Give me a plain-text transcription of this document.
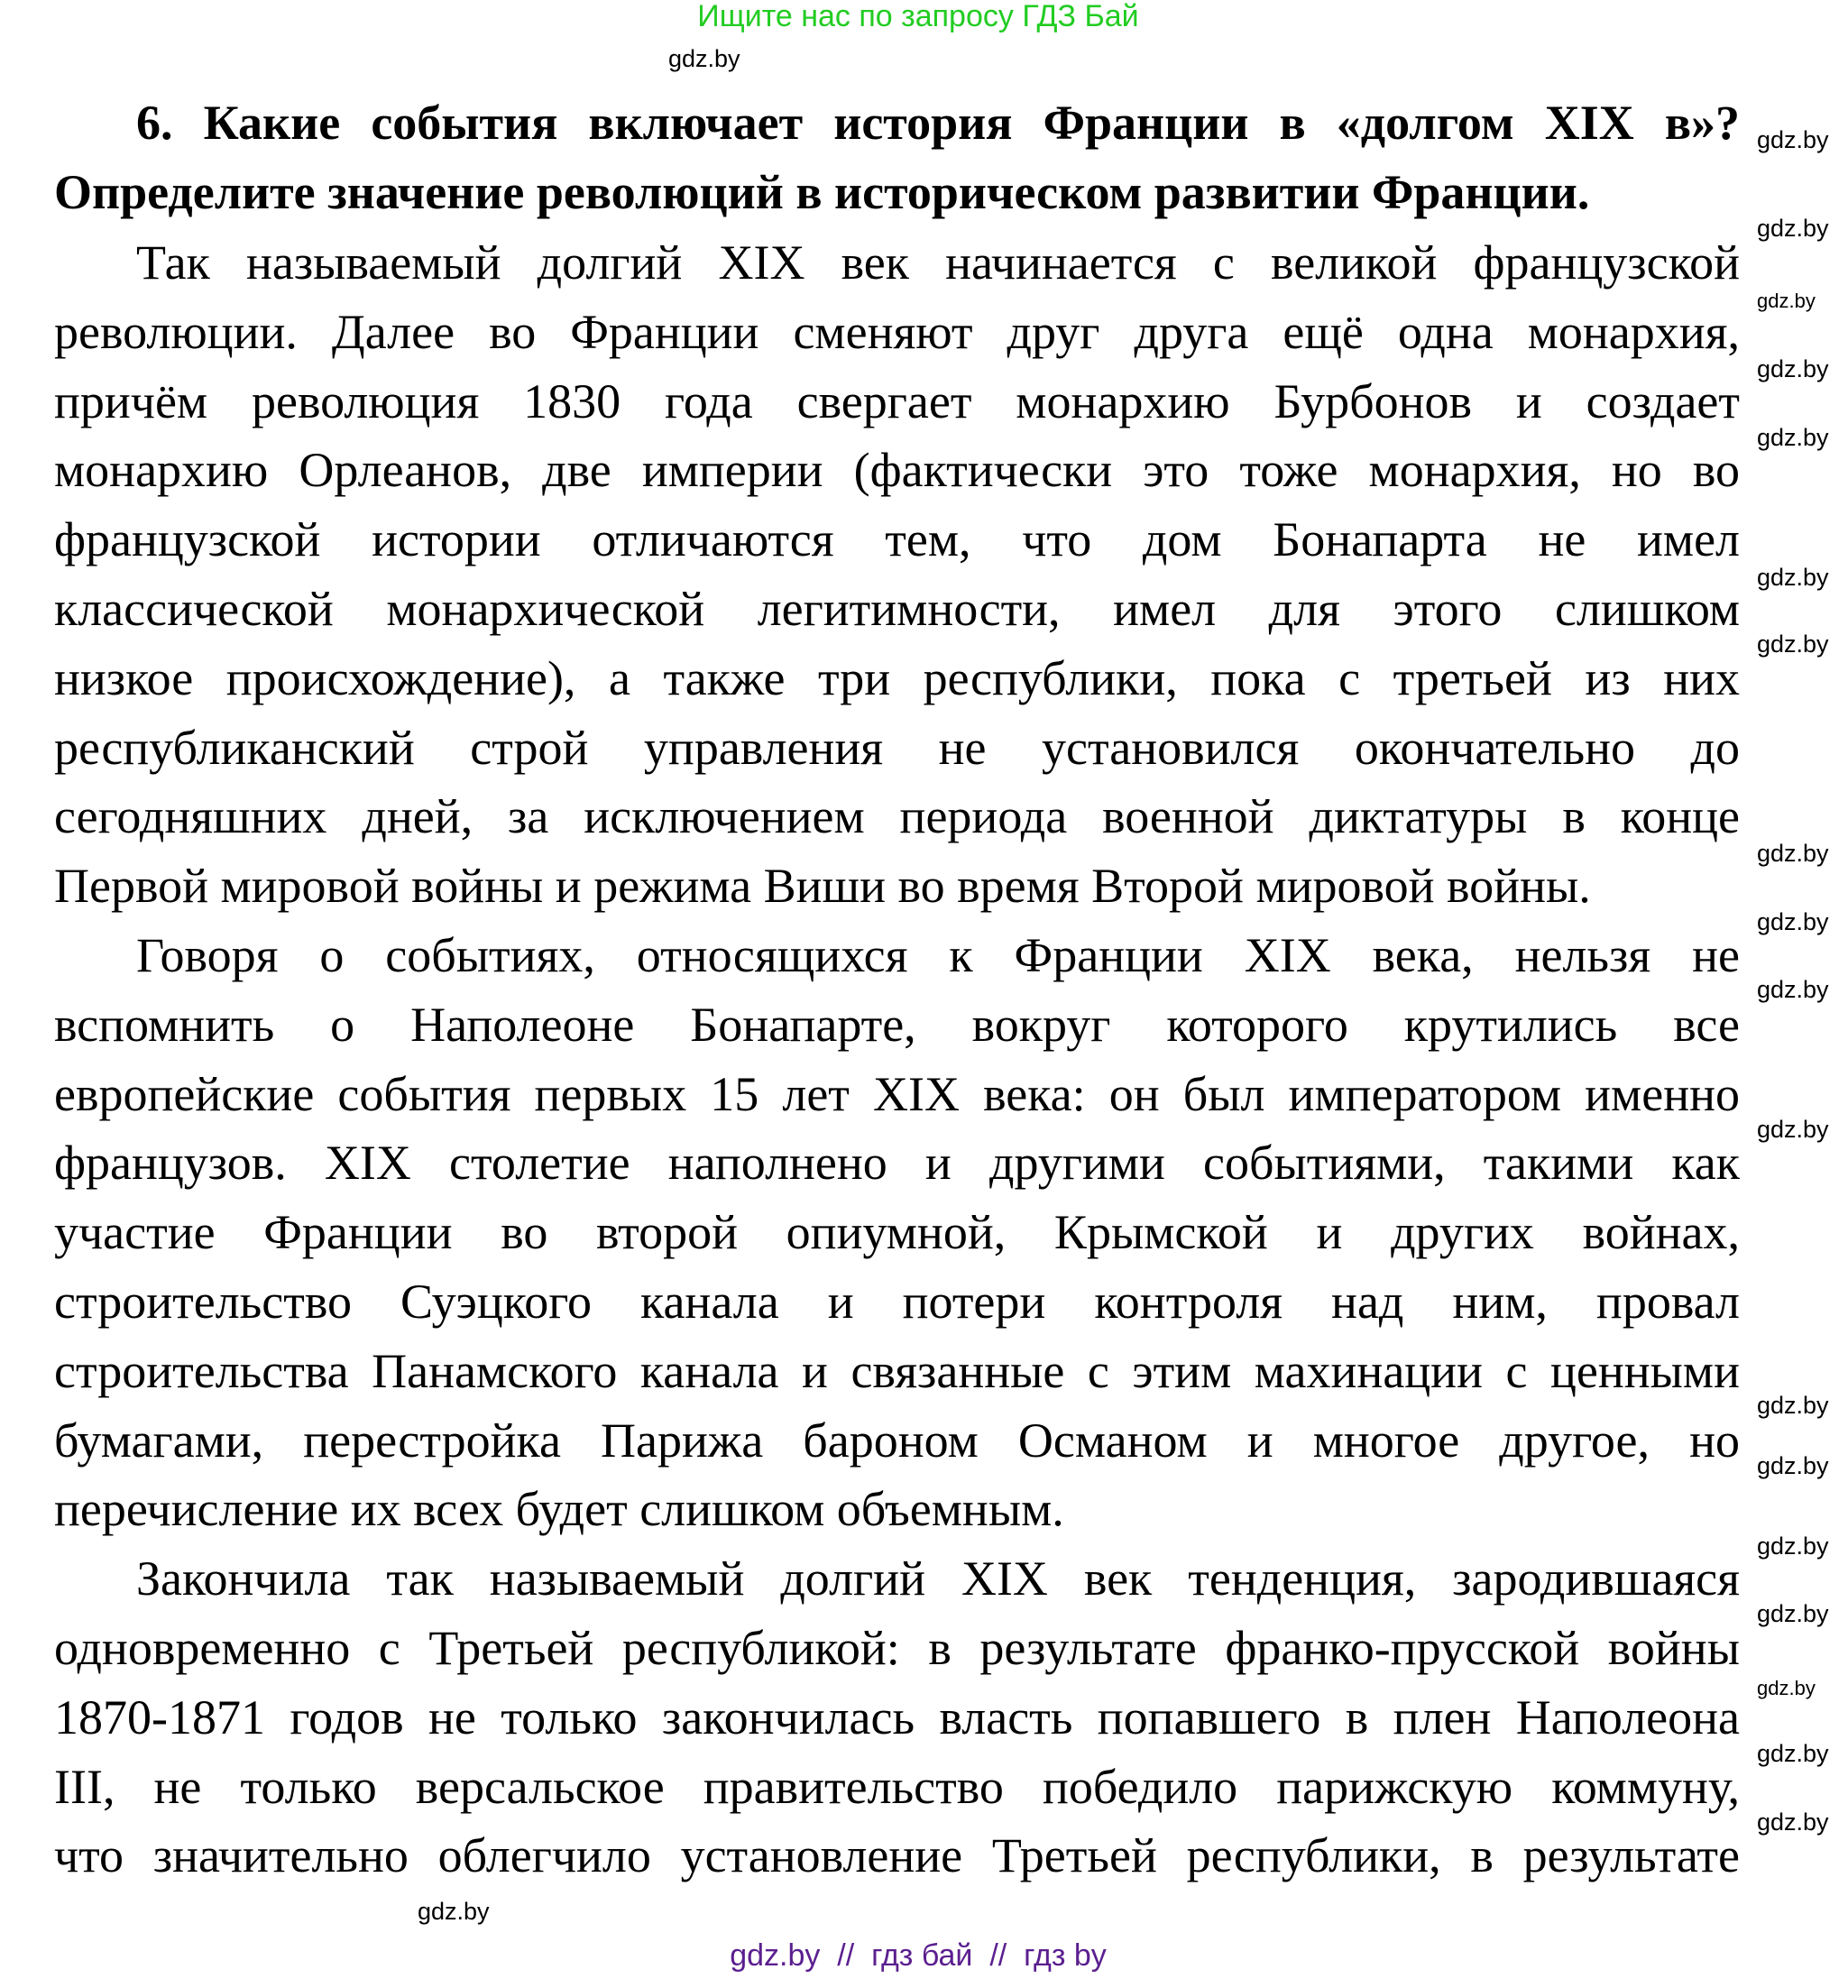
Ищите нас по запросу ГДЗ Бай
6. Какие события включает история Франции в «долгом XIX в»?
Определите значение революций в историческом развитии Франции.
Так называемый долгий XIX век начинается с великой французской
революции. Далее во Франции сменяют друг друга ещё одна монархия,
причём революция 1830 года свергает монархию Бурбонов и создает
монархию Орлеанов, две империи (фактически это тоже монархия, но во
французской истории отличаются тем, что дом Бонапарта не имел
классической монархической легитимности, имел для этого слишком
низкое происхождение), а также три республики, пока с третьей из них
республиканский строй управления не установился окончательно до
сегодняшних дней, за исключением периода военной диктатуры в конце
Первой мировой войны и режима Виши во время Второй мировой войны.
Говоря о событиях, относящихся к Франции XIX века, нельзя не
вспомнить о Наполеоне Бонапарте, вокруг которого крутились все
европейские события первых 15 лет XIX века: он был императором именно
французов. XIX столетие наполнено и другими событиями, такими как
участие Франции во второй опиумной, Крымской и других войнах,
строительство Суэцкого канала и потери контроля над ним, провал
строительства Панамского канала и связанные с этим махинации с ценными
бумагами, перестройка Парижа бароном Османом и многое другое, но
перечисление их всех будет слишком объемным.
Закончила так называемый долгий XIX век тенденция, зародившаяся
одновременно с Третьей республикой: в результате франко-прусской войны
1870-1871 годов не только закончилась власть попавшего в плен Наполеона
III, не только версальское правительство победило парижскую коммуну,
что значительно облегчило установление Третьей республики, в результате
gdz.by
gdz.by
gdz.by
gdz.by
gdz.by
gdz.by
gdz.by
gdz.by
gdz.by
gdz.by
gdz.by
gdz.by
gdz.by
gdz.by
gdz.by
gdz.by
gdz.by
gdz.by
gdz.by
gdz.by
gdz.by  //  гдз бай  //  гдз by
